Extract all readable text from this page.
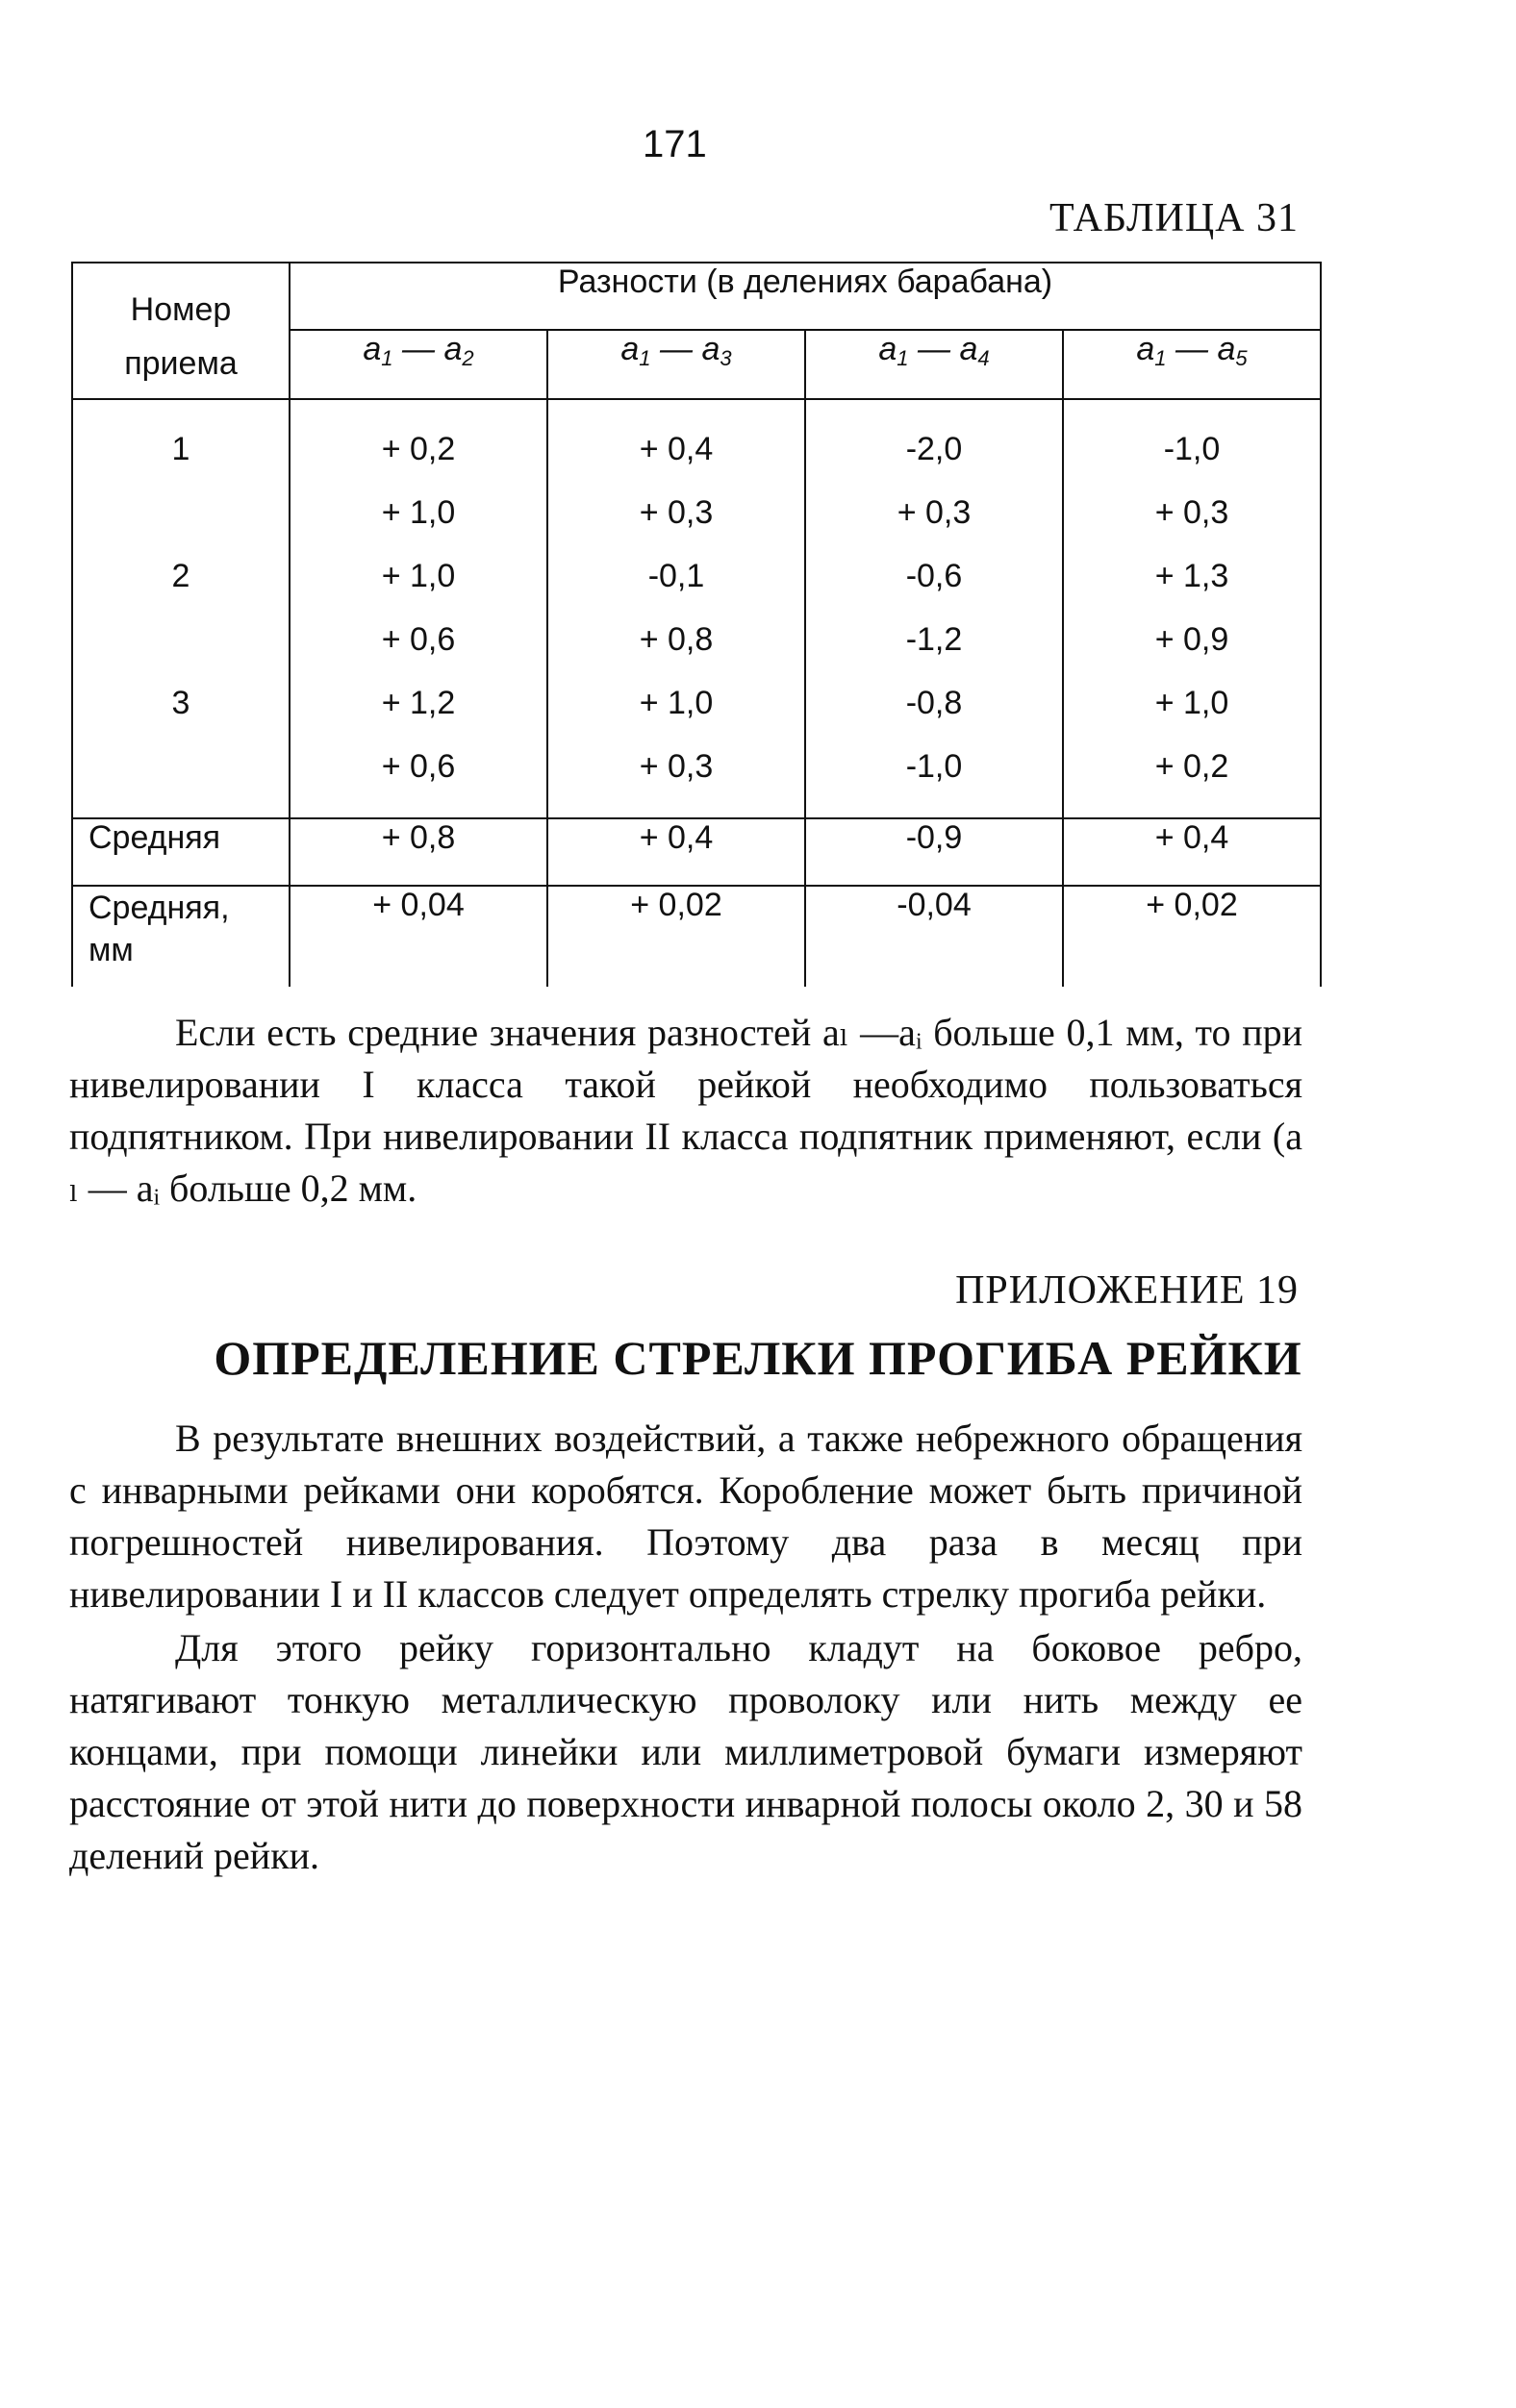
171
ТАБЛИЦА 31
Номер
приема	Разности (в делениях барабана)			
	$a_1$ — $a_2$	$a_1$ — $a_3$	$a_1$ — $a_4$	$a_1$ — $a_5$
1	+ 0,2	+ 0,4	-2,0	-1,0
	+ 1,0	+ 0,3	+ 0,3	+ 0,3
2	+ 1,0	-0,1	-0,6	+ 1,3
	+ 0,6	+ 0,8	-1,2	+ 0,9
3	+ 1,2	+ 1,0	-0,8	+ 1,0
	+ 0,6	+ 0,3	-1,0	+ 0,2
Средняя	+ 0,8	+ 0,4	-0,9	+ 0,4

Средняя,
мм	+ 0,04	+ 0,02	-0,04	+ 0,02

Если есть средние значения разностей aₗ —aᵢ больше 0,1 мм, то при нивелировании I класса такой рейкой необходимо пользоваться подпятником. При нивелировании II класса подпятник применяют, если (a ₗ — aᵢ больше 0,2 мм.

ПРИЛОЖЕНИЕ 19
ОПРЕДЕЛЕНИЕ СТРЕЛКИ ПРОГИБА РЕЙКИ

В результате внешних воздействий, а также небрежного обращения с инварными рейками они коробятся. Коробление может быть причиной погрешностей нивелирования. Поэтому два раза в месяц при нивелировании I и II классов следует определять стрелку прогиба рейки.

Для этого рейку горизонтально кладут на боковое ребро, натягивают тонкую металлическую проволоку или нить между ее концами, при помощи линейки или миллиметровой бумаги измеряют расстояние от этой нити до поверхности инварной полосы около 2, 30 и 58 делений рейки.
